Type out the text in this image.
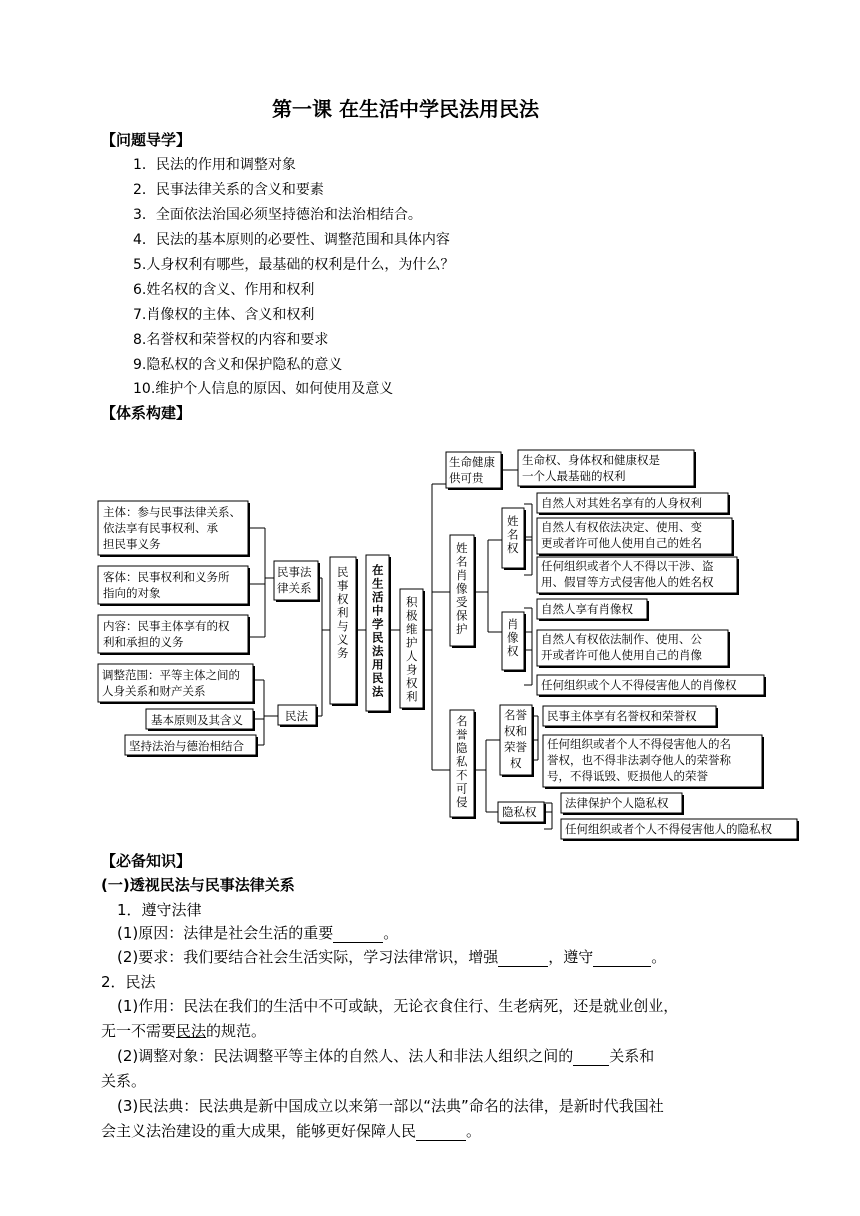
第一课 在生活中学民法用民法
【问题导学】
1．民法的作用和调整对象
2．民事法律关系的含义和要素
3．全面依法治国必须坚持德治和法治相结合。
4．民法的基本原则的必要性、调整范围和具体内容
5.人身权利有哪些，最基础的权利是什么，为什么？
6.姓名权的含义、作用和权利
7.肖像权的主体、含义和权利
8.名誉权和荣誉权的内容和要求
9.隐私权的含义和保护隐私的意义
10.维护个人信息的原因、如何使用及意义
【体系构建】
主体：参与民事法律关系、
依法享有民事权利、承
担民事义务
客体：民事权利和义务所
指向的对象
内容：民事主体享有的权
利和承担的义务
调整范围：平等主体之间的
人身关系和财产关系
基本原则及其含义
坚持法治与德治相结合
民事法律关系
民法
民事权利与义务
在生活中学民法用民法
积极维护人身权利
生命健康
供可贵
生命权、身体权和健康权是
一个人最基础的权利
姓名肖像受保护
姓名权
自然人对其姓名享有的人身权利
自然人有权依法决定、使用、变
更或者许可他人使用自己的姓名
任何组织或者个人不得以干涉、盗
用、假冒等方式侵害他人的姓名权
肖像权
自然人享有肖像权
自然人有权依法制作、使用、公
开或者许可他人使用自己的肖像
任何组织或个人不得侵害他人的肖像权
名誉隐私不可侵
名誉
权和
荣誉
权
民事主体享有名誉权和荣誉权
任何组织或者个人不得侵害他人的名
誉权，也不得非法剥夺他人的荣誉称
号，不得诋毁、贬损他人的荣誉
隐私权
法律保护个人隐私权
任何组织或者个人不得侵害他人的隐私权
【必备知识】
(一)透视民法与民事法律关系
1．遵守法律
(1)原因：法律是社会生活的重要	。
(2)要求：我们要结合社会生活实际，学习法律常识，增强	，遵守	。
2．民法
(1)作用：民法在我们的生活中不可或缺，无论衣食住行、生老病死，还是就业创业，
无一不需要民法的规范。
(2)调整对象：民法调整平等主体的自然人、法人和非法人组织之间的 关系和
关系。
(3)民法典：民法典是新中国成立以来第一部以“法典”命名的法律，是新时代我国社
会主义法治建设的重大成果，能够更好保障人民	。
